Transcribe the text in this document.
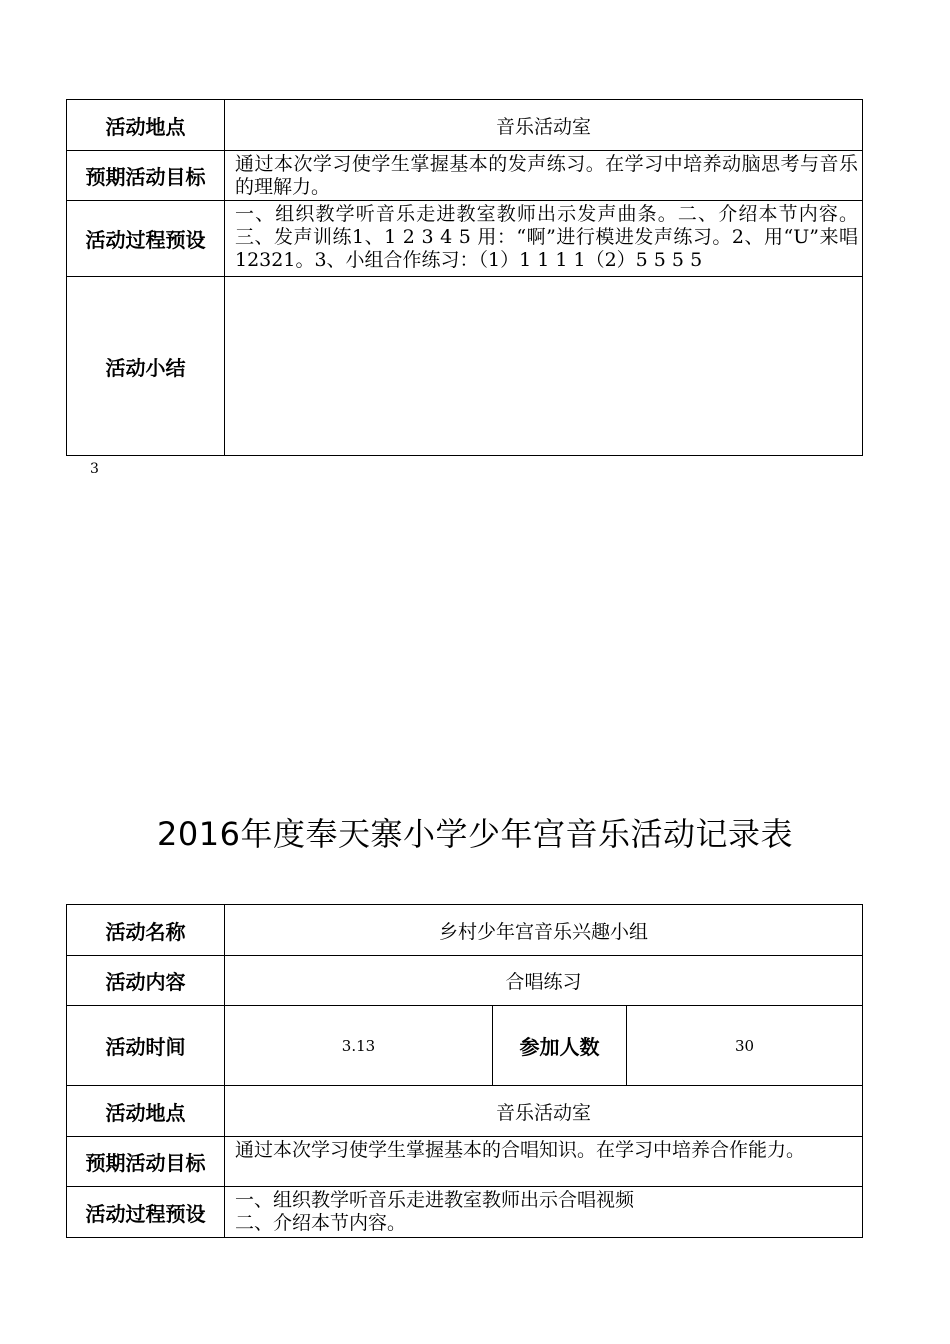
活动地点	音乐活动室
预期活动目标	通过本次学习使学生掌握基本的发声练习。在学习中培养动脑思考与音乐的理解力。
活动过程预设	一、组织教学听音乐走进教室教师出示发声曲条。二、介绍本节内容。三、发声训练1、1 2 3 4 5 用：“啊”进行模进发声练习。2、用“U”来唱12321。3、小组合作练习：（1）1 1 1 1（2）5 5 5 5
活动小结	
3
2016年度奉天寨小学少年宫音乐活动记录表
活动名称	乡村少年宫音乐兴趣小组		
活动内容	合唱练习		
活动时间	3.13	参加人数	30
活动地点	音乐活动室		
预期活动目标	通过本次学习使学生掌握基本的合唱知识。在学习中培养合作能力。		
活动过程预设	一、组织教学听音乐走进教室教师出示合唱视频
二、介绍本节内容。		
